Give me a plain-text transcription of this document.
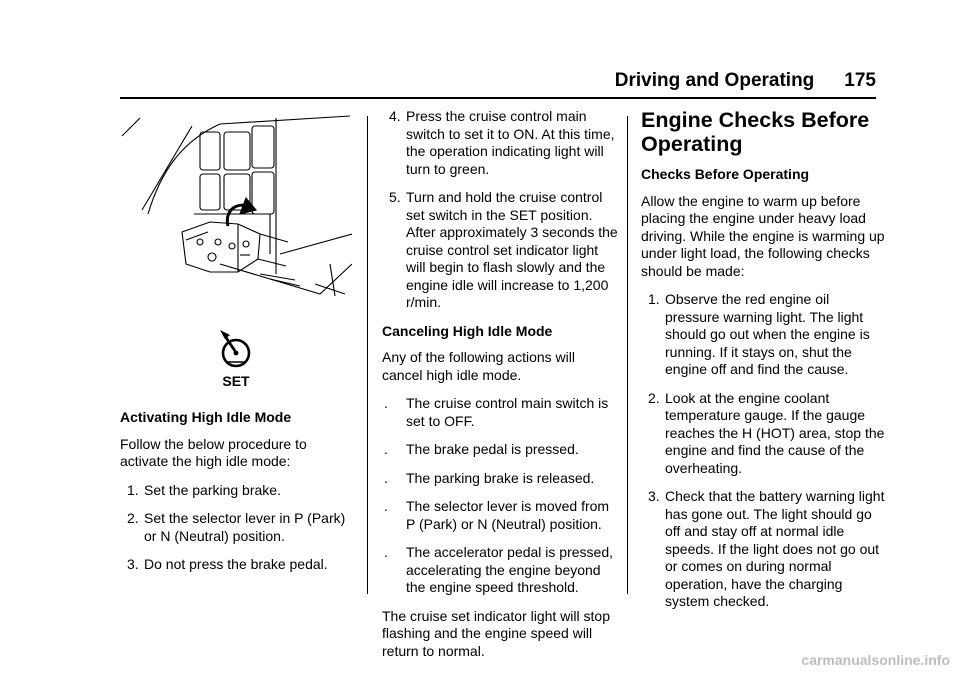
Driving and Operating 175
SET
Activating High Idle Mode

Follow the below procedure to activate the high idle mode:

1. Set the parking brake.
2. Set the selector lever in P (Park) or N (Neutral) position.
3. Do not press the brake pedal.
4. Press the cruise control main switch to set it to ON. At this time, the operation indicating light will turn to green.
5. Turn and hold the cruise control set switch in the SET position. After approximately 3 seconds the cruise control set indicator light will begin to flash slowly and the engine idle will increase to 1,200 r/min.
Canceling High Idle Mode

Any of the following actions will cancel high idle mode.

. The cruise control main switch is set to OFF.
. The brake pedal is pressed.
. The parking brake is released.
. The selector lever is moved from P (Park) or N (Neutral) position.
. The accelerator pedal is pressed, accelerating the engine beyond the engine speed threshold.

The cruise set indicator light will stop flashing and the engine speed will return to normal.

Engine Checks Before Operating
Checks Before Operating

Allow the engine to warm up before placing the engine under heavy load driving. While the engine is warming up under light load, the following checks should be made:

1. Observe the red engine oil pressure warning light. The light should go out when the engine is running. If it stays on, shut the engine off and find the cause.
2. Look at the engine coolant temperature gauge. If the gauge reaches the H (HOT) area, stop the engine and find the cause of the overheating.
3. Check that the battery warning light has gone out. The light should go off and stay off at normal idle speeds. If the light does not go out or comes on during normal operation, have the charging system checked.
carmanualsonline.info
